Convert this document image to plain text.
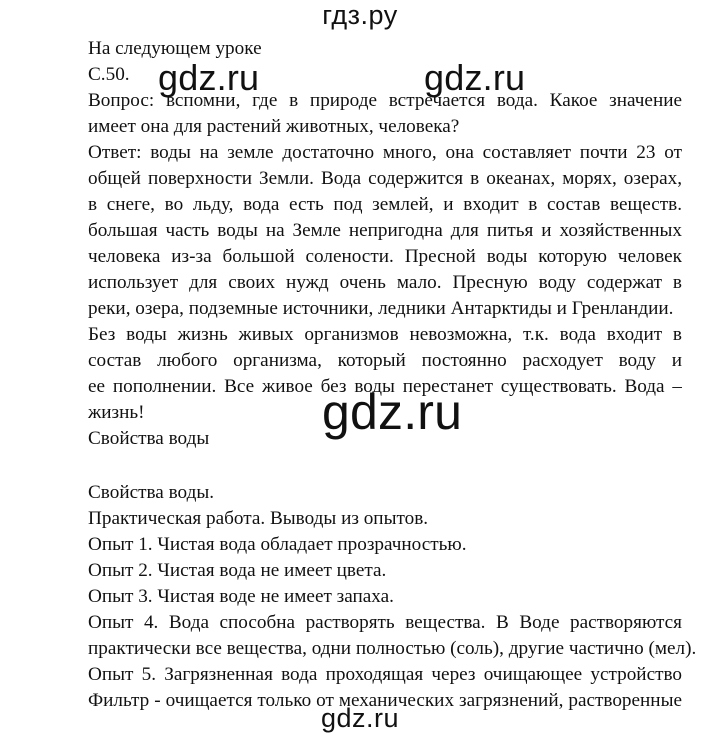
гдз.ру
На следующем уроке
С.50.
Вопрос: вспомни, где в природе встречается вода. Какое значение
имеет она для растений животных, человека?
Ответ: воды на земле достаточно много, она составляет почти 23 от
общей поверхности Земли. Вода содержится в океанах, морях, озерах,
в снеге, во льду, вода есть под землей, и входит в состав веществ.
большая часть воды на Земле непригодна для питья и хозяйственных
человека из-за большой солености. Пресной воды которую человек
использует для своих нужд очень мало. Пресную воду содержат в
реки, озера, подземные источники, ледники Антарктиды и Гренландии.
Без воды жизнь живых организмов невозможна, т.к. вода входит в
состав любого организма, который постоянно расходует воду и
ее пополнении. Все живое без воды перестанет существовать. Вода –
жизнь!
Свойства воды
Свойства воды.
Практическая работа. Выводы из опытов.
Опыт 1. Чистая вода обладает прозрачностью.
Опыт 2. Чистая вода не имеет цвета.
Опыт 3. Чистая воде не имеет запаха.
Опыт 4. Вода способна растворять вещества. В Воде растворяются
практически все вещества, одни полностью (соль), другие частично (мел).
Опыт 5. Загрязненная вода проходящая через очищающее устройство
Фильтр - очищается только от механических загрязнений, растворенные
gdz.ru	gdz.ru
gdz.ru
gdz.ru
